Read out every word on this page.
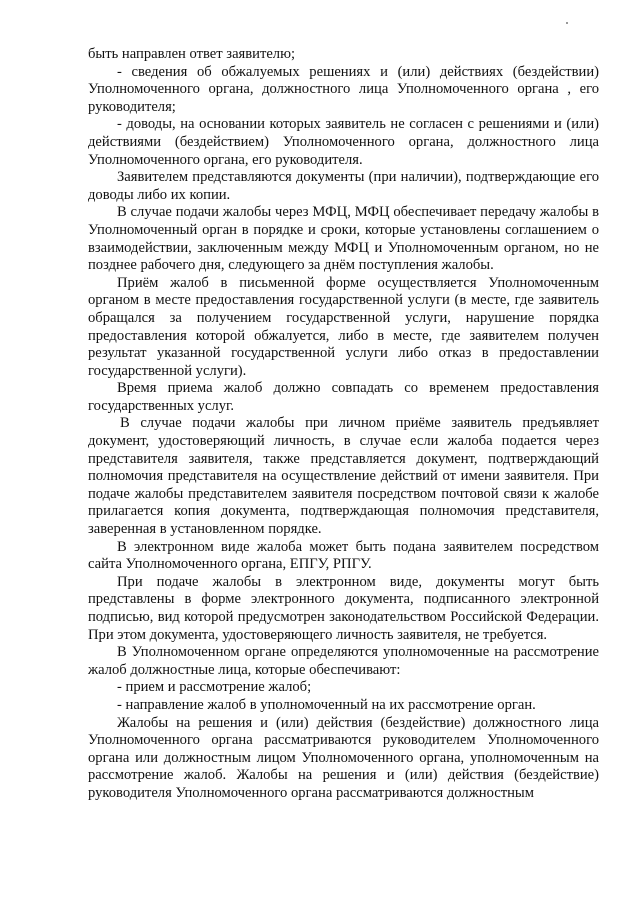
быть направлен ответ заявителю;

- сведения об обжалуемых решениях и (или) действиях (бездействии) Уполномоченного органа, должностного лица Уполномоченного органа , его руководителя;

- доводы, на основании которых заявитель не согласен с решениями и (или) действиями (бездействием) Уполномоченного органа, должностного лица Уполномоченного органа, его руководителя.

Заявителем представляются документы (при наличии), подтверждающие его доводы либо их копии.

В случае подачи жалобы через МФЦ, МФЦ обеспечивает передачу жалобы в Уполномоченный орган в порядке и сроки, которые установлены соглашением о взаимодействии, заключенным между МФЦ и Уполномоченным органом, но не позднее рабочего дня, следующего за днём поступления жалобы.

Приём жалоб в письменной форме осуществляется Уполномоченным органом в месте предоставления государственной услуги (в месте, где заявитель обращался за получением государственной услуги, нарушение порядка предоставления которой обжалуется, либо в месте, где заявителем получен результат указанной государственной услуги либо отказ в предоставлении государственной услуги).

Время приема жалоб должно совпадать со временем предоставления государственных услуг.

В случае подачи жалобы при личном приёме заявитель предъявляет документ, удостоверяющий личность, в случае если жалоба подается через представителя заявителя, также представляется документ, подтверждающий полномочия представителя на осуществление действий от имени заявителя. При подаче жалобы представителем заявителя посредством почтовой связи к жалобе прилагается копия документа, подтверждающая полномочия представителя, заверенная в установленном порядке.

В электронном виде жалоба может быть подана заявителем посредством сайта Уполномоченного органа, ЕПГУ, РПГУ.

При подаче жалобы в электронном виде, документы могут быть представлены в форме электронного документа, подписанного электронной подписью, вид которой предусмотрен законодательством Российской Федерации. При этом документа, удостоверяющего личность заявителя, не требуется.

В Уполномоченном органе определяются уполномоченные на рассмотрение жалоб должностные лица, которые обеспечивают:

- прием и рассмотрение жалоб;

- направление жалоб в уполномоченный на их рассмотрение орган.

Жалобы на решения и (или) действия (бездействие) должностного лица Уполномоченного органа рассматриваются руководителем Уполномоченного органа или должностным лицом Уполномоченного органа, уполномоченным на рассмотрение жалоб. Жалобы на решения и (или) действия (бездействие) руководителя Уполномоченного органа рассматриваются должностным
